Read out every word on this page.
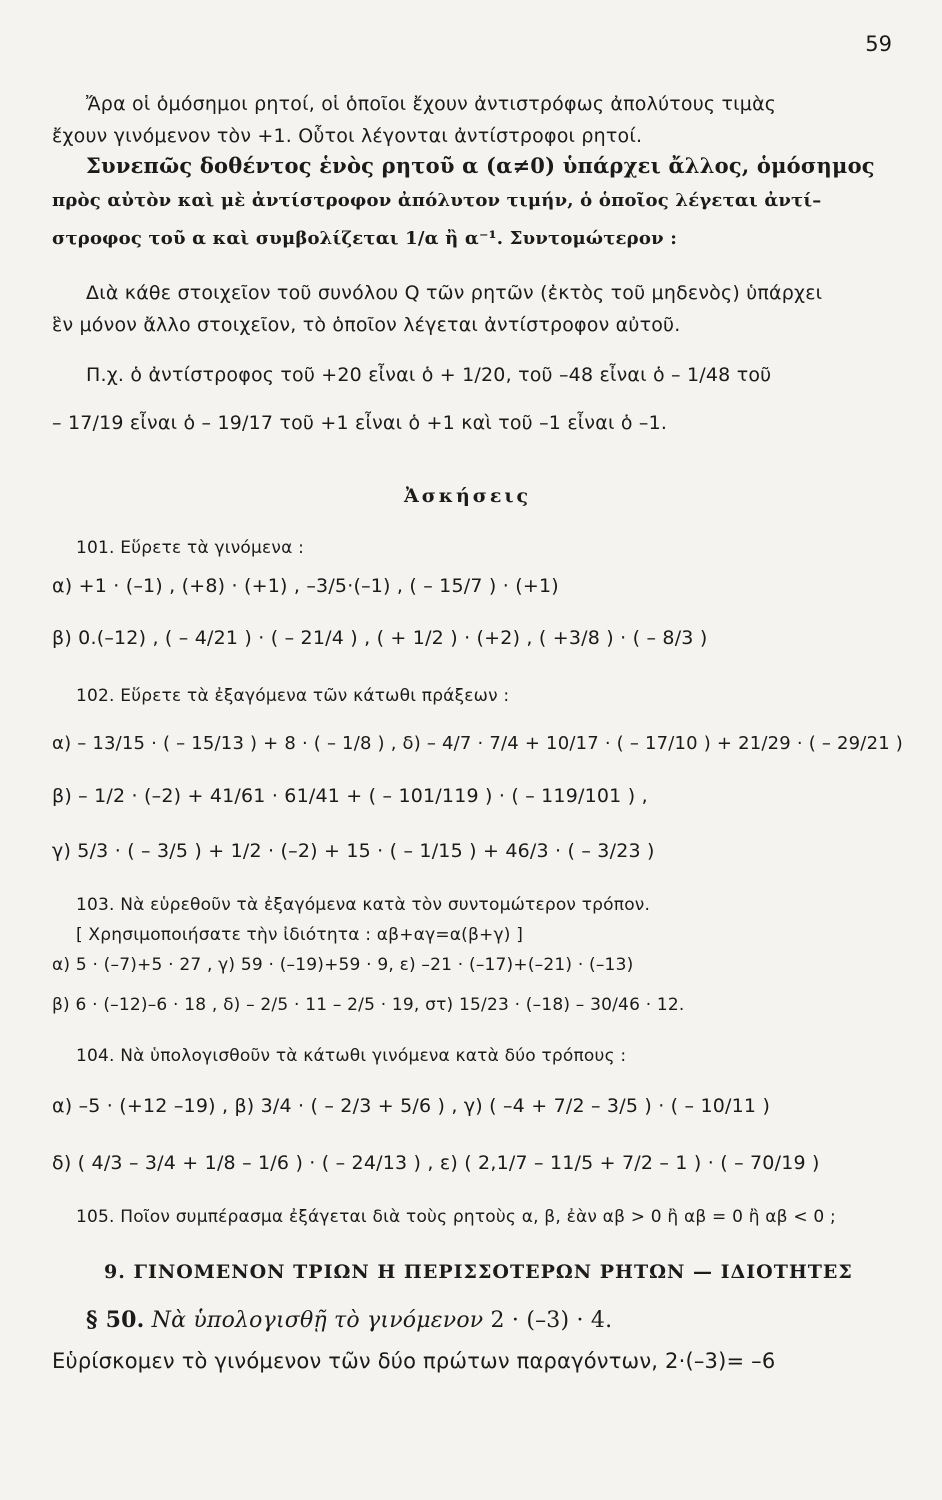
59
Ἄρα οἱ ὁμόσημοι ρητοί, οἱ ὁποῖοι ἔχουν ἀντιστρόφως ἀπολύτους τιμὰς
ἔχουν γινόμενον τὸν +1. Οὗτοι λέγονται ἀντίστροφοι ρητοί.
Συνεπῶς δοθέντος ἑνὸς ρητοῦ α (α≠0) ὑπάρχει ἄλλος, ὁμόσημος
πρὸς αὐτὸν καὶ μὲ ἀντίστροφον ἀπόλυτον τιμήν, ὁ ὁποῖος λέγεται ἀντί–
στροφος τοῦ α καὶ συμβολίζεται 1/α ἢ α⁻¹. Συντομώτερον :
Διὰ κάθε στοιχεῖον τοῦ συνόλου Q τῶν ρητῶν (ἐκτὸς τοῦ μηδενὸς) ὑπάρχει
ἓν μόνον ἄλλο στοιχεῖον, τὸ ὁποῖον λέγεται ἀντίστροφον αὐτοῦ.
Π.χ. ὁ ἀντίστροφος τοῦ +20 εἶναι ὁ + 1/20, τοῦ –48 εἶναι ὁ – 1/48 τοῦ
– 17/19 εἶναι ὁ – 19/17 τοῦ +1 εἶναι ὁ +1 καὶ τοῦ –1 εἶναι ὁ –1.
Ἀσκήσεις
101. Εὕρετε τὰ γινόμενα :
α) +1 · (–1) , (+8) · (+1) , –3/5·(–1) , ( – 15/7 ) · (+1)
β) 0.(–12) , ( – 4/21 ) · ( – 21/4 ) , ( + 1/2 ) · (+2) , ( +3/8 ) · ( – 8/3 )
102. Εὕρετε τὰ ἐξαγόμενα τῶν κάτωθι πράξεων :
α) – 13/15 · ( – 15/13 ) + 8 · ( – 1/8 ) , δ) – 4/7 · 7/4 + 10/17 · ( – 17/10 ) + 21/29 · ( – 29/21 )
β) – 1/2 · (–2) + 41/61 · 61/41 + ( – 101/119 ) · ( – 119/101 ) ,
γ) 5/3 · ( – 3/5 ) + 1/2 · (–2) + 15 · ( – 1/15 ) + 46/3 · ( – 3/23 )
103. Νὰ εὑρεθοῦν τὰ ἐξαγόμενα κατὰ τὸν συντομώτερον τρόπον.
[ Χρησιμοποιήσατε τὴν ἰδιότητα : αβ+αγ=α(β+γ) ]
α) 5 · (–7)+5 · 27 , γ) 59 · (–19)+59 · 9, ε) –21 · (–17)+(–21) · (–13)
β) 6 · (–12)–6 · 18 , δ) – 2/5 · 11 – 2/5 · 19, στ) 15/23 · (–18) – 30/46 · 12.
104. Νὰ ὑπολογισθοῦν τὰ κάτωθι γινόμενα κατὰ δύο τρόπους :
α) –5 · (+12 –19) , β) 3/4 · ( – 2/3 + 5/6 ) , γ) ( –4 + 7/2 – 3/5 ) · ( – 10/11 )
δ) ( 4/3 – 3/4 + 1/8 – 1/6 ) · ( – 24/13 ) , ε) ( 2,1/7 – 11/5 + 7/2 – 1 ) · ( – 70/19 )
105. Ποῖον συμπέρασμα ἐξάγεται διὰ τοὺς ρητοὺς α, β, ἐὰν αβ > 0 ἢ αβ = 0 ἢ αβ < 0 ;
9. ΓΙΝΟΜΕΝΟΝ ΤΡΙΩΝ Η ΠΕΡΙΣΣΟΤΕΡΩΝ ΡΗΤΩΝ — ΙΔΙΟΤΗΤΕΣ
§ 50. Νὰ ὑπολογισθῇ τὸ γινόμενον 2 · (–3) · 4.
Εὑρίσκομεν τὸ γινόμενον τῶν δύο πρώτων παραγόντων, 2·(–3)= –6
